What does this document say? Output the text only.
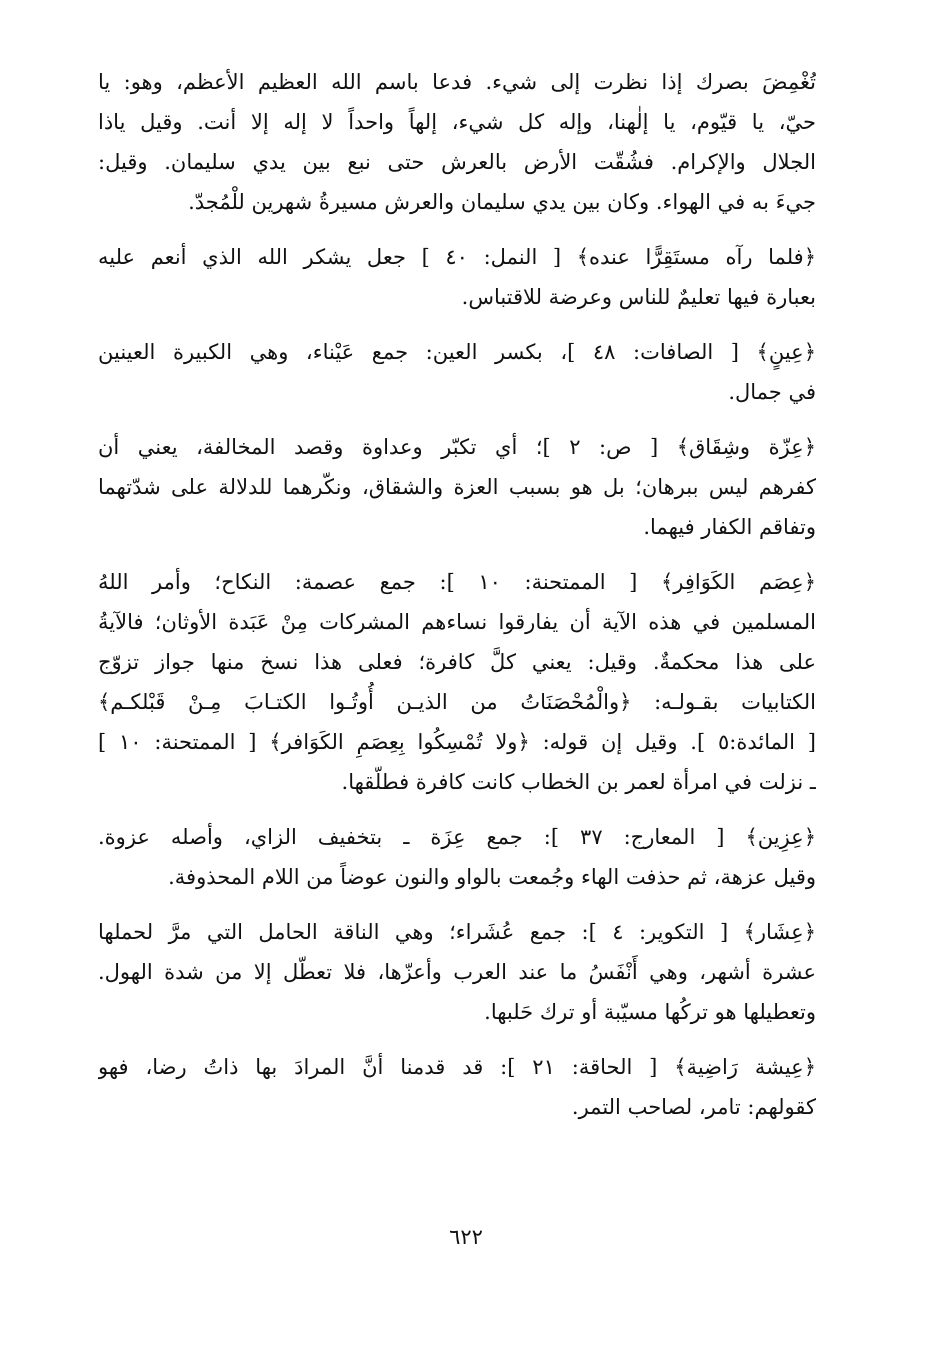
تُغْمِضَ بصرك إذا نظرت إلى شيء. فدعا باسم الله العظيم الأعظم، وهو: يا
حيّ، يا قيّوم، يا إلٰهنا، وإله كل شيء، إلهاً واحداً لا إله إلا أنت. وقيل ياذا
الجلال والإكرام. فشُقّت الأرض بالعرش حتى نبع بين يدي سليمان. وقيل:
جيءَ به في الهواء. وكان بين يدي سليمان والعرش مسيرةُ شهرين للْمُجدّ.
﴿فلما رآه مستَقِرًّا عنده﴾ [ النمل: ٤٠ ] جعل يشكر الله الذي أنعم عليه
بعبارة فيها تعليمٌ للناس وعرضة للاقتباس.
﴿عِينٍ﴾ [ الصافات: ٤٨ ]، بكسر العين: جمع عَيْناء، وهي الكبيرة العينين
في جمال.
﴿عِزّة وشِقَاق﴾ [ ص: ٢ ]؛ أي تكبّر وعداوة وقصد المخالفة، يعني أن
كفرهم ليس ببرهان؛ بل هو بسبب العزة والشقاق، ونكّرهما للدلالة على شدّتهما
وتفاقم الكفار فيهما.
﴿عِصَم الكَوَافِر﴾ [ الممتحنة: ١٠ ]: جمع عصمة: النكاح؛ وأمر اللهُ
المسلمين في هذه الآية أن يفارقوا نساءهم المشركات مِنْ عَبَدة الأوثان؛ فالآيةُ
على هذا محكمةٌ. وقيل: يعني كلَّ كافرة؛ فعلى هذا نسخ منها جواز تزوّج
الكتابيات بقـولـه: ﴿والْمُحْصَنَاتُ من الذيـن أُوتُـوا الكتـابَ مِـنْ قَبْلكـم﴾
[ المائدة:٥ ]. وقيل إن قوله: ﴿ولا تُمْسِكُوا بِعِصَمِ الكَوَافر﴾ [ الممتحنة: ١٠ ]
ـ نزلت في امرأة لعمر بن الخطاب كانت كافرة فطلّقها.
﴿عِزِين﴾ [ المعارج: ٣٧ ]: جمع عِزَة ـ بتخفيف الزاي، وأصله عزوة.
وقيل عزهة، ثم حذفت الهاء وجُمعت بالواو والنون عوضاً من اللام المحذوفة.
﴿عِشَار﴾ [ التكوير: ٤ ]: جمع عُشَراء؛ وهي الناقة الحامل التي مرَّ لحملها
عشرة أشهر، وهي أَنْفَسُ ما عند العرب وأعزّها، فلا تعطّل إلا من شدة الهول.
وتعطيلها هو تركُها مسيّبة أو ترك حَلبها.
﴿عِيشة رَاضِية﴾ [ الحاقة: ٢١ ]: قد قدمنا أنَّ المرادَ بها ذاتُ رضا، فهو
كقولهم: تامر، لصاحب التمر.
٦٢٢
